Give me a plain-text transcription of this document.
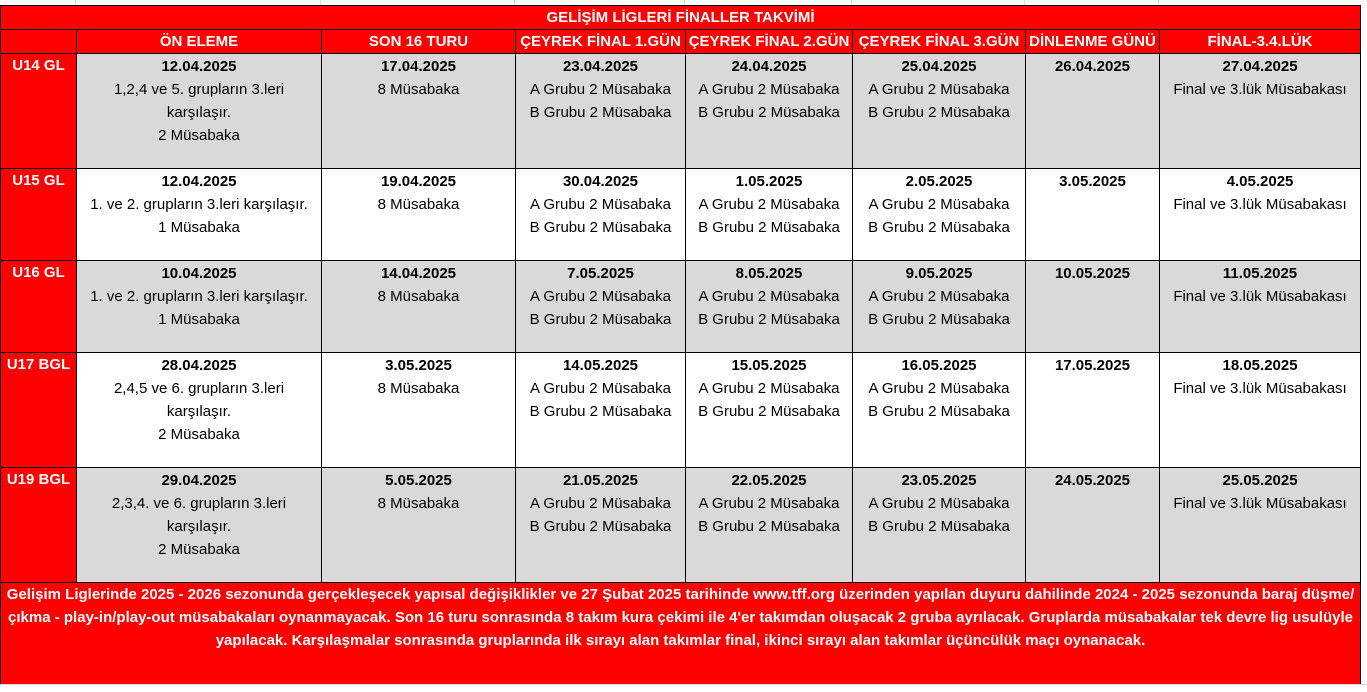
GELİŞİM LİGLERİ FİNALLER TAKVİMİ							
	ÖN ELEME	SON 16 TURU	ÇEYREK FİNAL 1.GÜN	ÇEYREK FİNAL 2.GÜN	ÇEYREK FİNAL 3.GÜN	DİNLENME GÜNÜ	FİNAL-3.4.LÜK
U14 GL	12.04.2025
1,2,4 ve 5. grupların 3.leri
karşılaşır.
2 Müsabaka	17.04.2025
8 Müsabaka	23.04.2025
A Grubu 2 Müsabaka
B Grubu 2 Müsabaka	24.04.2025
A Grubu 2 Müsabaka
B Grubu 2 Müsabaka	25.04.2025
A Grubu 2 Müsabaka
B Grubu 2 Müsabaka	26.04.2025	27.04.2025
Final ve 3.lük Müsabakası

U15 GL	12.04.2025
1. ve 2. grupların 3.leri karşılaşır.
1 Müsabaka	19.04.2025
8 Müsabaka	30.04.2025
A Grubu 2 Müsabaka
B Grubu 2 Müsabaka	1.05.2025
A Grubu 2 Müsabaka
B Grubu 2 Müsabaka	2.05.2025
A Grubu 2 Müsabaka
B Grubu 2 Müsabaka	3.05.2025	4.05.2025
Final ve 3.lük Müsabakası

U16 GL	10.04.2025
1. ve 2. grupların 3.leri karşılaşır.
1 Müsabaka	14.04.2025
8 Müsabaka	7.05.2025
A Grubu 2 Müsabaka
B Grubu 2 Müsabaka	8.05.2025
A Grubu 2 Müsabaka
B Grubu 2 Müsabaka	9.05.2025
A Grubu 2 Müsabaka
B Grubu 2 Müsabaka	10.05.2025	11.05.2025
Final ve 3.lük Müsabakası

U17 BGL	28.04.2025
2,4,5 ve 6. grupların 3.leri
karşılaşır.
2 Müsabaka	3.05.2025
8 Müsabaka	14.05.2025
A Grubu 2 Müsabaka
B Grubu 2 Müsabaka	15.05.2025
A Grubu 2 Müsabaka
B Grubu 2 Müsabaka	16.05.2025
A Grubu 2 Müsabaka
B Grubu 2 Müsabaka	17.05.2025	18.05.2025
Final ve 3.lük Müsabakası

U19 BGL	29.04.2025
2,3,4. ve 6. grupların 3.leri
karşılaşır.
2 Müsabaka	5.05.2025
8 Müsabaka	21.05.2025
A Grubu 2 Müsabaka
B Grubu 2 Müsabaka	22.05.2025
A Grubu 2 Müsabaka
B Grubu 2 Müsabaka	23.05.2025
A Grubu 2 Müsabaka
B Grubu 2 Müsabaka	24.05.2025	25.05.2025
Final ve 3.lük Müsabakası

Gelişim Liglerinde 2025 - 2026 sezonunda gerçekleşecek yapısal değişiklikler ve 27 Şubat 2025 tarihinde www.tff.org üzerinden yapılan duyuru dahilinde 2024 - 2025 sezonunda baraj düşme/çıkma - play-in/play-out müsabakaları oynanmayacak. Son 16 turu sonrasında 8 takım kura çekimi ile 4'er takımdan oluşacak 2 gruba ayrılacak. Gruplarda müsabakalar tek devre lig usulüyle yapılacak. Karşılaşmalar sonrasında gruplarında ilk sırayı alan takımlar final, ikinci sırayı alan takımlar üçüncülük maçı oynanacak.							
